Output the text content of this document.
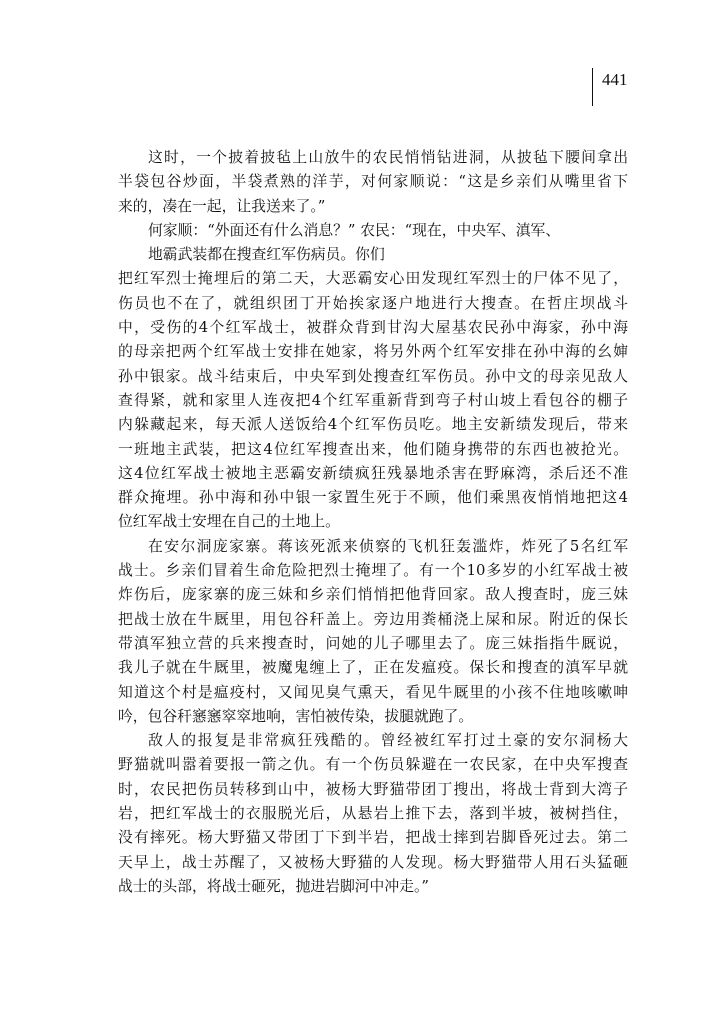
441
这时，一个披着披毡上山放牛的农民悄悄钻进洞，从披毡下腰间拿出
半袋包谷炒面，半袋煮熟的洋芋，对何家顺说：“这是乡亲们从嘴里省下
来的，凑在一起，让我送来了。”
何家顺：“外面还有什么消息？” 农民：“现在，中央军、滇军、
地霸武装都在搜查红军伤病员。你们
把红军烈士掩埋后的第二天，大恶霸安心田发现红军烈士的尸体不见了，
伤员也不在了，就组织团丁开始挨家逐户地进行大搜查。在哲庄坝战斗
中，受伤的4个红军战士，被群众背到甘沟大屋基农民孙中海家，孙中海
的母亲把两个红军战士安排在她家，将另外两个红军安排在孙中海的幺婶
孙中银家。战斗结束后，中央军到处搜查红军伤员。孙中文的母亲见敌人
查得紧，就和家里人连夜把4个红军重新背到弯子村山坡上看包谷的棚子
内躲藏起来，每天派人送饭给4个红军伤员吃。地主安新绩发现后，带来
一班地主武装，把这4位红军搜查出来，他们随身携带的东西也被抢光。
这4位红军战士被地主恶霸安新绩疯狂残暴地杀害在野麻湾，杀后还不准
群众掩埋。孙中海和孙中银一家置生死于不顾，他们乘黑夜悄悄地把这4
位红军战士安埋在自己的土地上。
在安尔洞庞家寨。蒋该死派来侦察的飞机狂轰滥炸，炸死了5名红军
战士。乡亲们冒着生命危险把烈士掩埋了。有一个10多岁的小红军战士被
炸伤后，庞家寨的庞三妹和乡亲们悄悄把他背回家。敌人搜查时，庞三妹
把战士放在牛厩里，用包谷秆盖上。旁边用粪桶浇上屎和尿。附近的保长
带滇军独立营的兵来搜查时，问她的儿子哪里去了。庞三妹指指牛厩说，
我儿子就在牛厩里，被魔鬼缠上了，正在发瘟疫。保长和搜查的滇军早就
知道这个村是瘟疫村，又闻见臭气熏天，看见牛厩里的小孩不住地咳嗽呻
吟，包谷秆窸窸窣窣地响，害怕被传染，拔腿就跑了。
敌人的报复是非常疯狂残酷的。曾经被红军打过土豪的安尔洞杨大
野猫就叫嚣着要报一箭之仇。有一个伤员躲避在一农民家，在中央军搜查
时，农民把伤员转移到山中，被杨大野猫带团丁搜出，将战士背到大湾子
岩，把红军战士的衣服脱光后，从悬岩上推下去，落到半坡，被树挡住，
没有摔死。杨大野猫又带团丁下到半岩，把战士摔到岩脚昏死过去。第二
天早上，战士苏醒了，又被杨大野猫的人发现。杨大野猫带人用石头猛砸
战士的头部，将战士砸死，抛进岩脚河中冲走。”
